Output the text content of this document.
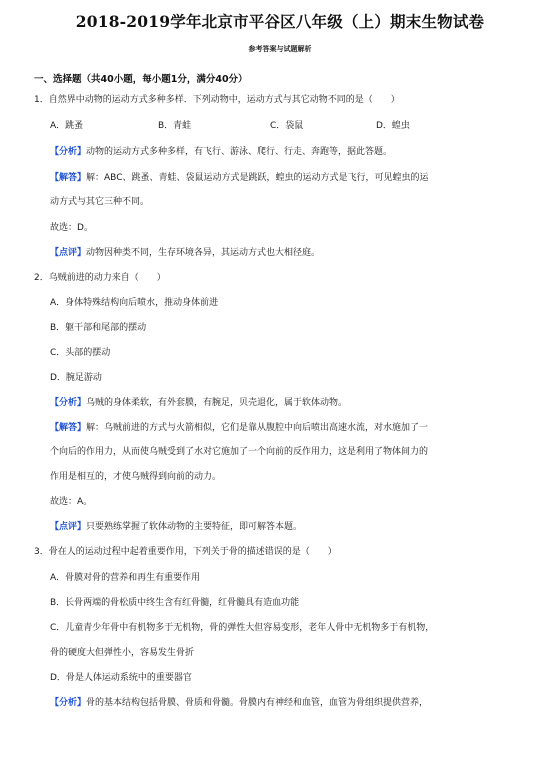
2018-2019学年北京市平谷区八年级（上）期末生物试卷
参考答案与试题解析
一、选择题（共40小题，每小题1分，满分40分）
1．自然界中动物的运动方式多种多样．下列动物中，运动方式与其它动物不同的是（　　）
A．跳蚤	B．青蛙	C．袋鼠	D．蝗虫
【分析】动物的运动方式多种多样，有飞行、游泳、爬行、行走、奔跑等，据此答题。
【解答】解：ABC、跳蚤、青蛙、袋鼠运动方式是跳跃，蝗虫的运动方式是飞行，可见蝗虫的运
动方式与其它三种不同。
故选：D。
【点评】动物因种类不同，生存环境各异，其运动方式也大相径庭。
2．乌贼前进的动力来自（　　）
A．身体特殊结构向后喷水，推动身体前进
B．躯干部和尾部的摆动
C．头部的摆动
D．腕足游动
【分析】乌贼的身体柔软，有外套膜，有腕足，贝壳退化，属于软体动物。
【解答】解：乌贼前进的方式与火箭相似，它们是靠从腹腔中向后喷出高速水流，对水施加了一
个向后的作用力，从而使乌贼受到了水对它施加了一个向前的反作用力，这是利用了物体间力的
作用是相互的，才使乌贼得到向前的动力。
故选：A。
【点评】只要熟练掌握了软体动物的主要特征，即可解答本题。
3．骨在人的运动过程中起着重要作用，下列关于骨的描述错误的是（　　）
A．骨膜对骨的营养和再生有重要作用
B．长骨两端的骨松质中终生含有红骨髓，红骨髓具有造血功能
C．儿童青少年骨中有机物多于无机物，骨的弹性大但容易变形，老年人骨中无机物多于有机物，
骨的硬度大但弹性小，容易发生骨折
D．骨是人体运动系统中的重要器官
【分析】骨的基本结构包括骨膜、骨质和骨髓。骨膜内有神经和血管，血管为骨组织提供营养，
